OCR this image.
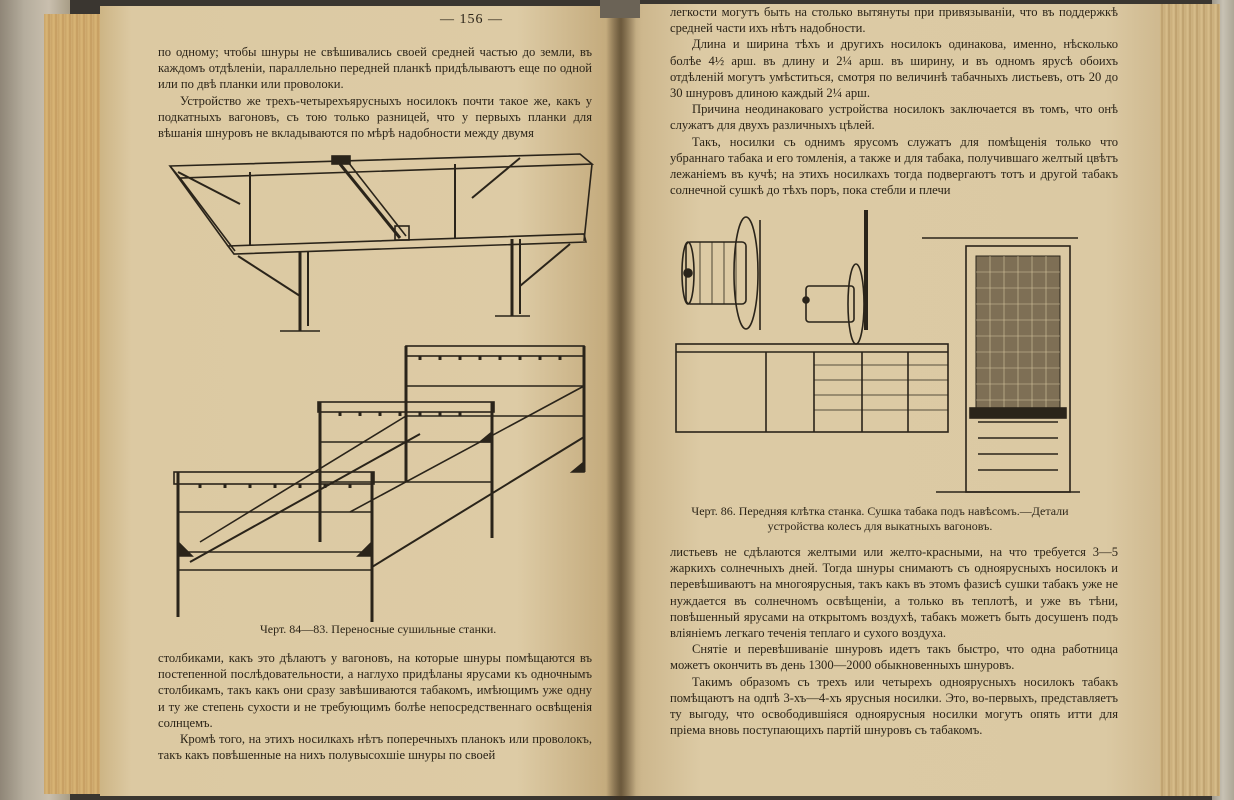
— 156 —

по одному; чтобы шнуры не свѣшивались своей средней частью до земли, въ каждомъ отдѣленіи, параллельно передней планкѣ придѣлываютъ еще по одной или по двѣ планки или проволоки.

Устройство же трехъ-четырехъярусныхъ носилокъ почти такое же, какъ у подкатныхъ вагоновъ, съ тою только разницей, что у первыхъ планки для вѣшанія шнуровъ не вкладываются по мѣрѣ надобности между двумя

Черт. 84—83. Переносные сушильные станки.

столбиками, какъ это дѣлаютъ у вагоновъ, на которые шнуры помѣщаются въ постепенной послѣдовательности, а наглухо придѣланы ярусами къ одночнымъ столбикамъ, такъ какъ они сразу завѣшиваются табакомъ, имѣющимъ уже одну и ту же степень сухости и не требующимъ болѣе непосредственнаго освѣщенія солнцемъ.

Кромѣ того, на этихъ носилкахъ нѣтъ поперечныхъ планокъ или проволокъ, такъ какъ повѣшенные на нихъ полувысохшіе шнуры по своей

легкости могутъ быть на столько вытянуты при привязываніи, что въ поддержкѣ средней части ихъ нѣтъ надобности.

Длина и ширина тѣхъ и другихъ носилокъ одинакова, именно, нѣсколько болѣе 4½ арш. въ длину и 2¼ арш. въ ширину, и въ одномъ ярусѣ обоихъ отдѣленій могутъ умѣститься, смотря по величинѣ табачныхъ листьевъ, отъ 20 до 30 шнуровъ длиною каждый 2¼ арш.

Причина неодинаковаго устройства носилокъ заключается въ томъ, что онѣ служатъ для двухъ различныхъ цѣлей.

Такъ, носилки съ однимъ ярусомъ служатъ для помѣщенія только что убраннаго табака и его томленія, а также и для табака, получившаго желтый цвѣтъ лежаніемъ въ кучѣ; на этихъ носилкахъ тогда подвергаютъ тотъ и другой табакъ солнечной сушкѣ до тѣхъ поръ, пока стебли и плечи

Черт. 86. Передняя клѣтка станка. Сушка табака подъ навѣсомъ.—Детали устройства колесъ для выкатныхъ вагоновъ.

листьевъ не сдѣлаются желтыми или желто-красными, на что требуется 3—5 жаркихъ солнечныхъ дней. Тогда шнуры снимаютъ съ одноярусныхъ носилокъ и перевѣшиваютъ на многоярусныя, такъ какъ въ этомъ фазисѣ сушки табакъ уже не нуждается въ солнечномъ освѣщеніи, а только въ теплотѣ, и уже въ тѣни, повѣшенный ярусами на открытомъ воздухѣ, табакъ можетъ быть досушенъ подъ вліяніемъ легкаго теченія теплаго и сухого воздуха.

Снятіе и перевѣшиваніе шнуровъ идетъ такъ быстро, что одна работница можетъ окончить въ день 1300—2000 обыкновенныхъ шнуровъ.

Такимъ образомъ съ трехъ или четырехъ одноярусныхъ носилокъ табакъ помѣщаютъ на одпѣ 3-хъ—4-хъ ярусныя носилки. Это, во-первыхъ, представляетъ ту выгоду, что освободившіяся одноярусныя носилки могутъ опять итти для пріема вновь поступающихъ партій шнуровъ съ табакомъ.
